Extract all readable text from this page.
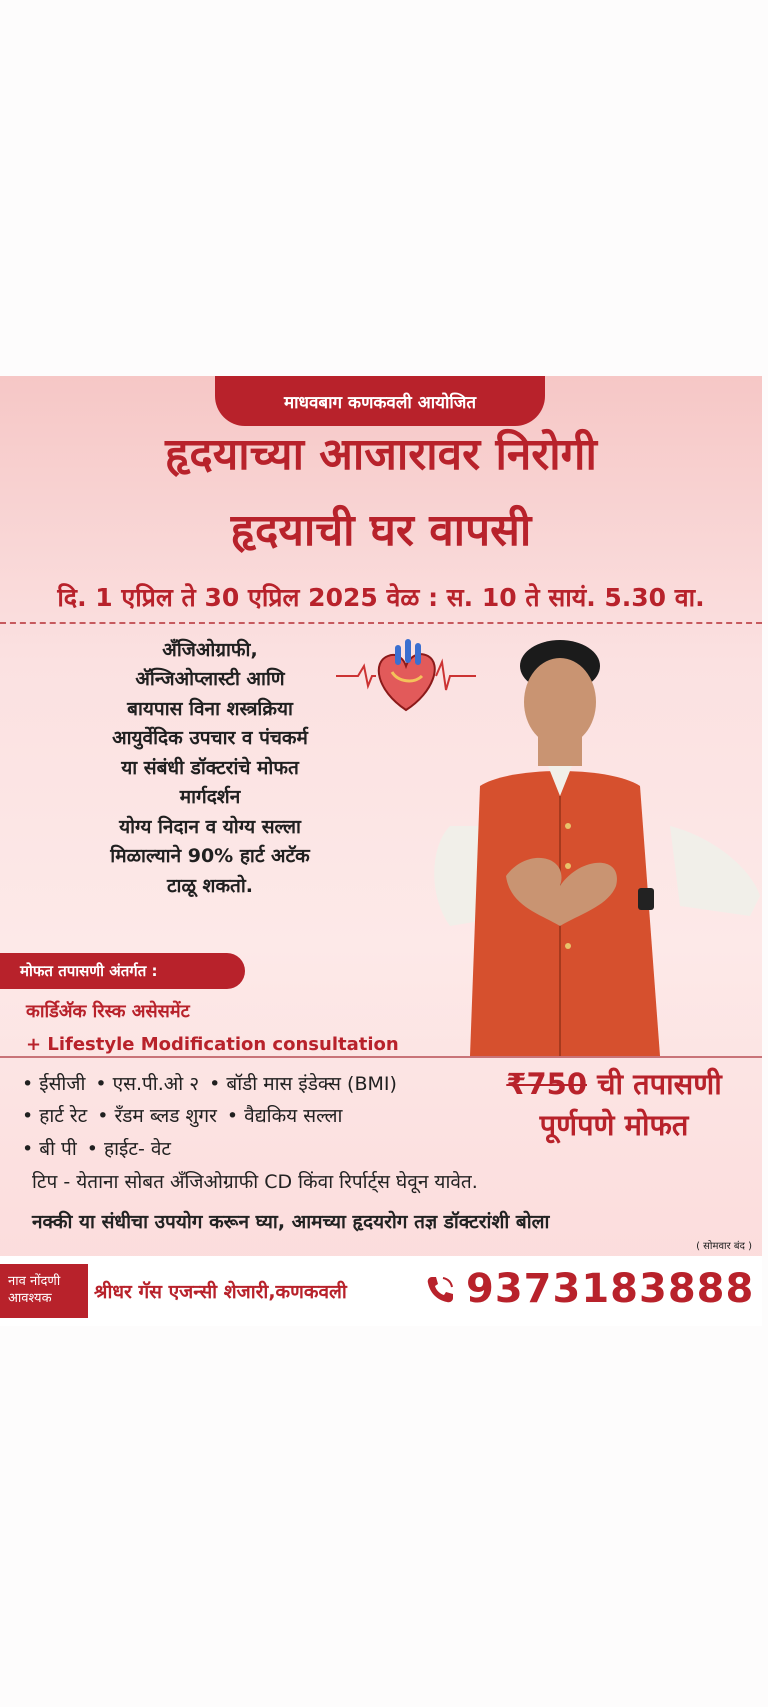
माधवबाग कणकवली आयोजित
हृदयाच्या आजारावर निरोगी
हृदयाची घर वापसी
दि. 1 एप्रिल ते 30 एप्रिल 2025 वेळ : स. 10 ते सायं. 5.30 वा.
अँजिओग्राफी,
अ‍ॅन्जिओप्लास्टी आणि
बायपास विना शस्त्रक्रिया
आयुर्वेदिक उपचार व पंचकर्म
या संबंधी डॉक्टरांचे मोफत
मार्गदर्शन
योग्य निदान व योग्य सल्ला
मिळाल्याने 90% हार्ट अटॅक
टाळू शकतो.
मोफत तपासणी अंतर्गत :
कार्डिअ‍ॅक रिस्क असेसमेंट
+ Lifestyle Modification consultation
• ईसीजी • एस.पी.ओ २ • बॉडी मास इंडेक्स (BMI)
• हार्ट रेट • रँडम ब्लड शुगर • वैद्यकिय सल्ला
• बी पी • हाईट- वेट
₹750 ची तपासणी
पूर्णपणे मोफत
टिप - येताना सोबत अँजिओग्राफी CD किंवा रिर्पार्ट्स घेवून यावेत.
नक्की या संधीचा उपयोग करून घ्या, आमच्या हृदयरोग तज्ञ डॉक्टरांशी बोला
( सोमवार बंद )
नाव नोंदणी
आवश्यक	श्रीधर गॅस एजन्सी शेजारी,कणकवली	9373183888
